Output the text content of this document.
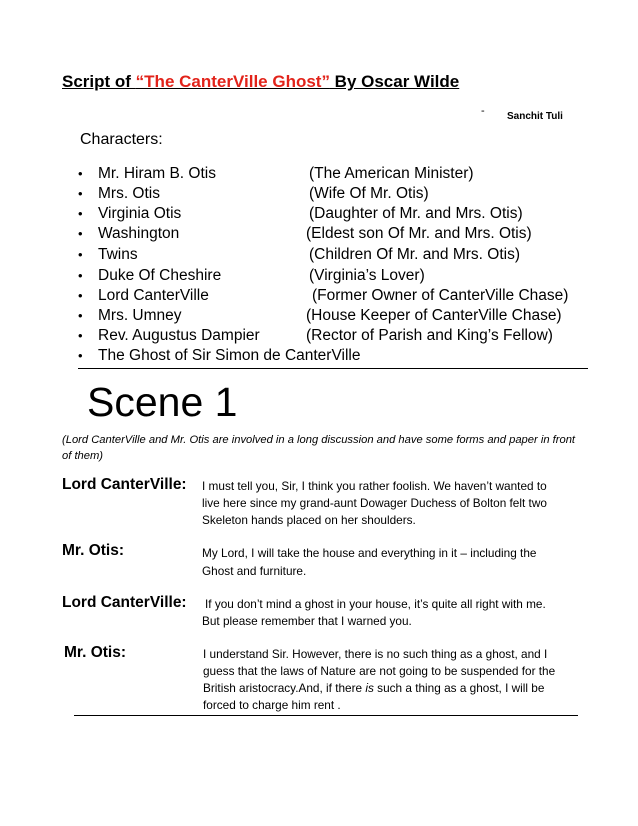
Script of “The CanterVille Ghost” By Oscar Wilde
- Sanchit Tuli
Characters:
• Mr. Hiram B. Otis	(The American Minister)
• Mrs. Otis	(Wife Of Mr. Otis)
• Virginia Otis	(Daughter of Mr. and Mrs. Otis)
• Washington	(Eldest son Of Mr. and Mrs. Otis)
• Twins	(Children Of Mr. and Mrs. Otis)
• Duke Of Cheshire	(Virginia’s Lover)
• Lord CanterVille	(Former Owner of CanterVille Chase)
• Mrs. Umney	(House Keeper of CanterVille Chase)
• Rev. Augustus Dampier	(Rector of Parish and King’s Fellow)
• The Ghost of Sir Simon de CanterVille
Scene 1
(Lord CanterVille and Mr. Otis are involved in a long discussion and have some forms and paper in front of them)
Lord CanterVille: I must tell you, Sir, I think you rather foolish. We haven’t wanted to
live here since my grand-aunt Dowager Duchess of Bolton felt two
Skeleton hands placed on her shoulders.
Mr. Otis:	My Lord, I will take the house and everything in it – including the
Ghost and furniture.
Lord CanterVille: If you don’t mind a ghost in your house, it’s quite all right with me.
But please remember that I warned you.
Mr. Otis:	I understand Sir. However, there is no such thing as a ghost, and I
guess that the laws of Nature are not going to be suspended for the
British aristocracy.And, if there is such a thing as a ghost, I will be
forced to charge him rent .
